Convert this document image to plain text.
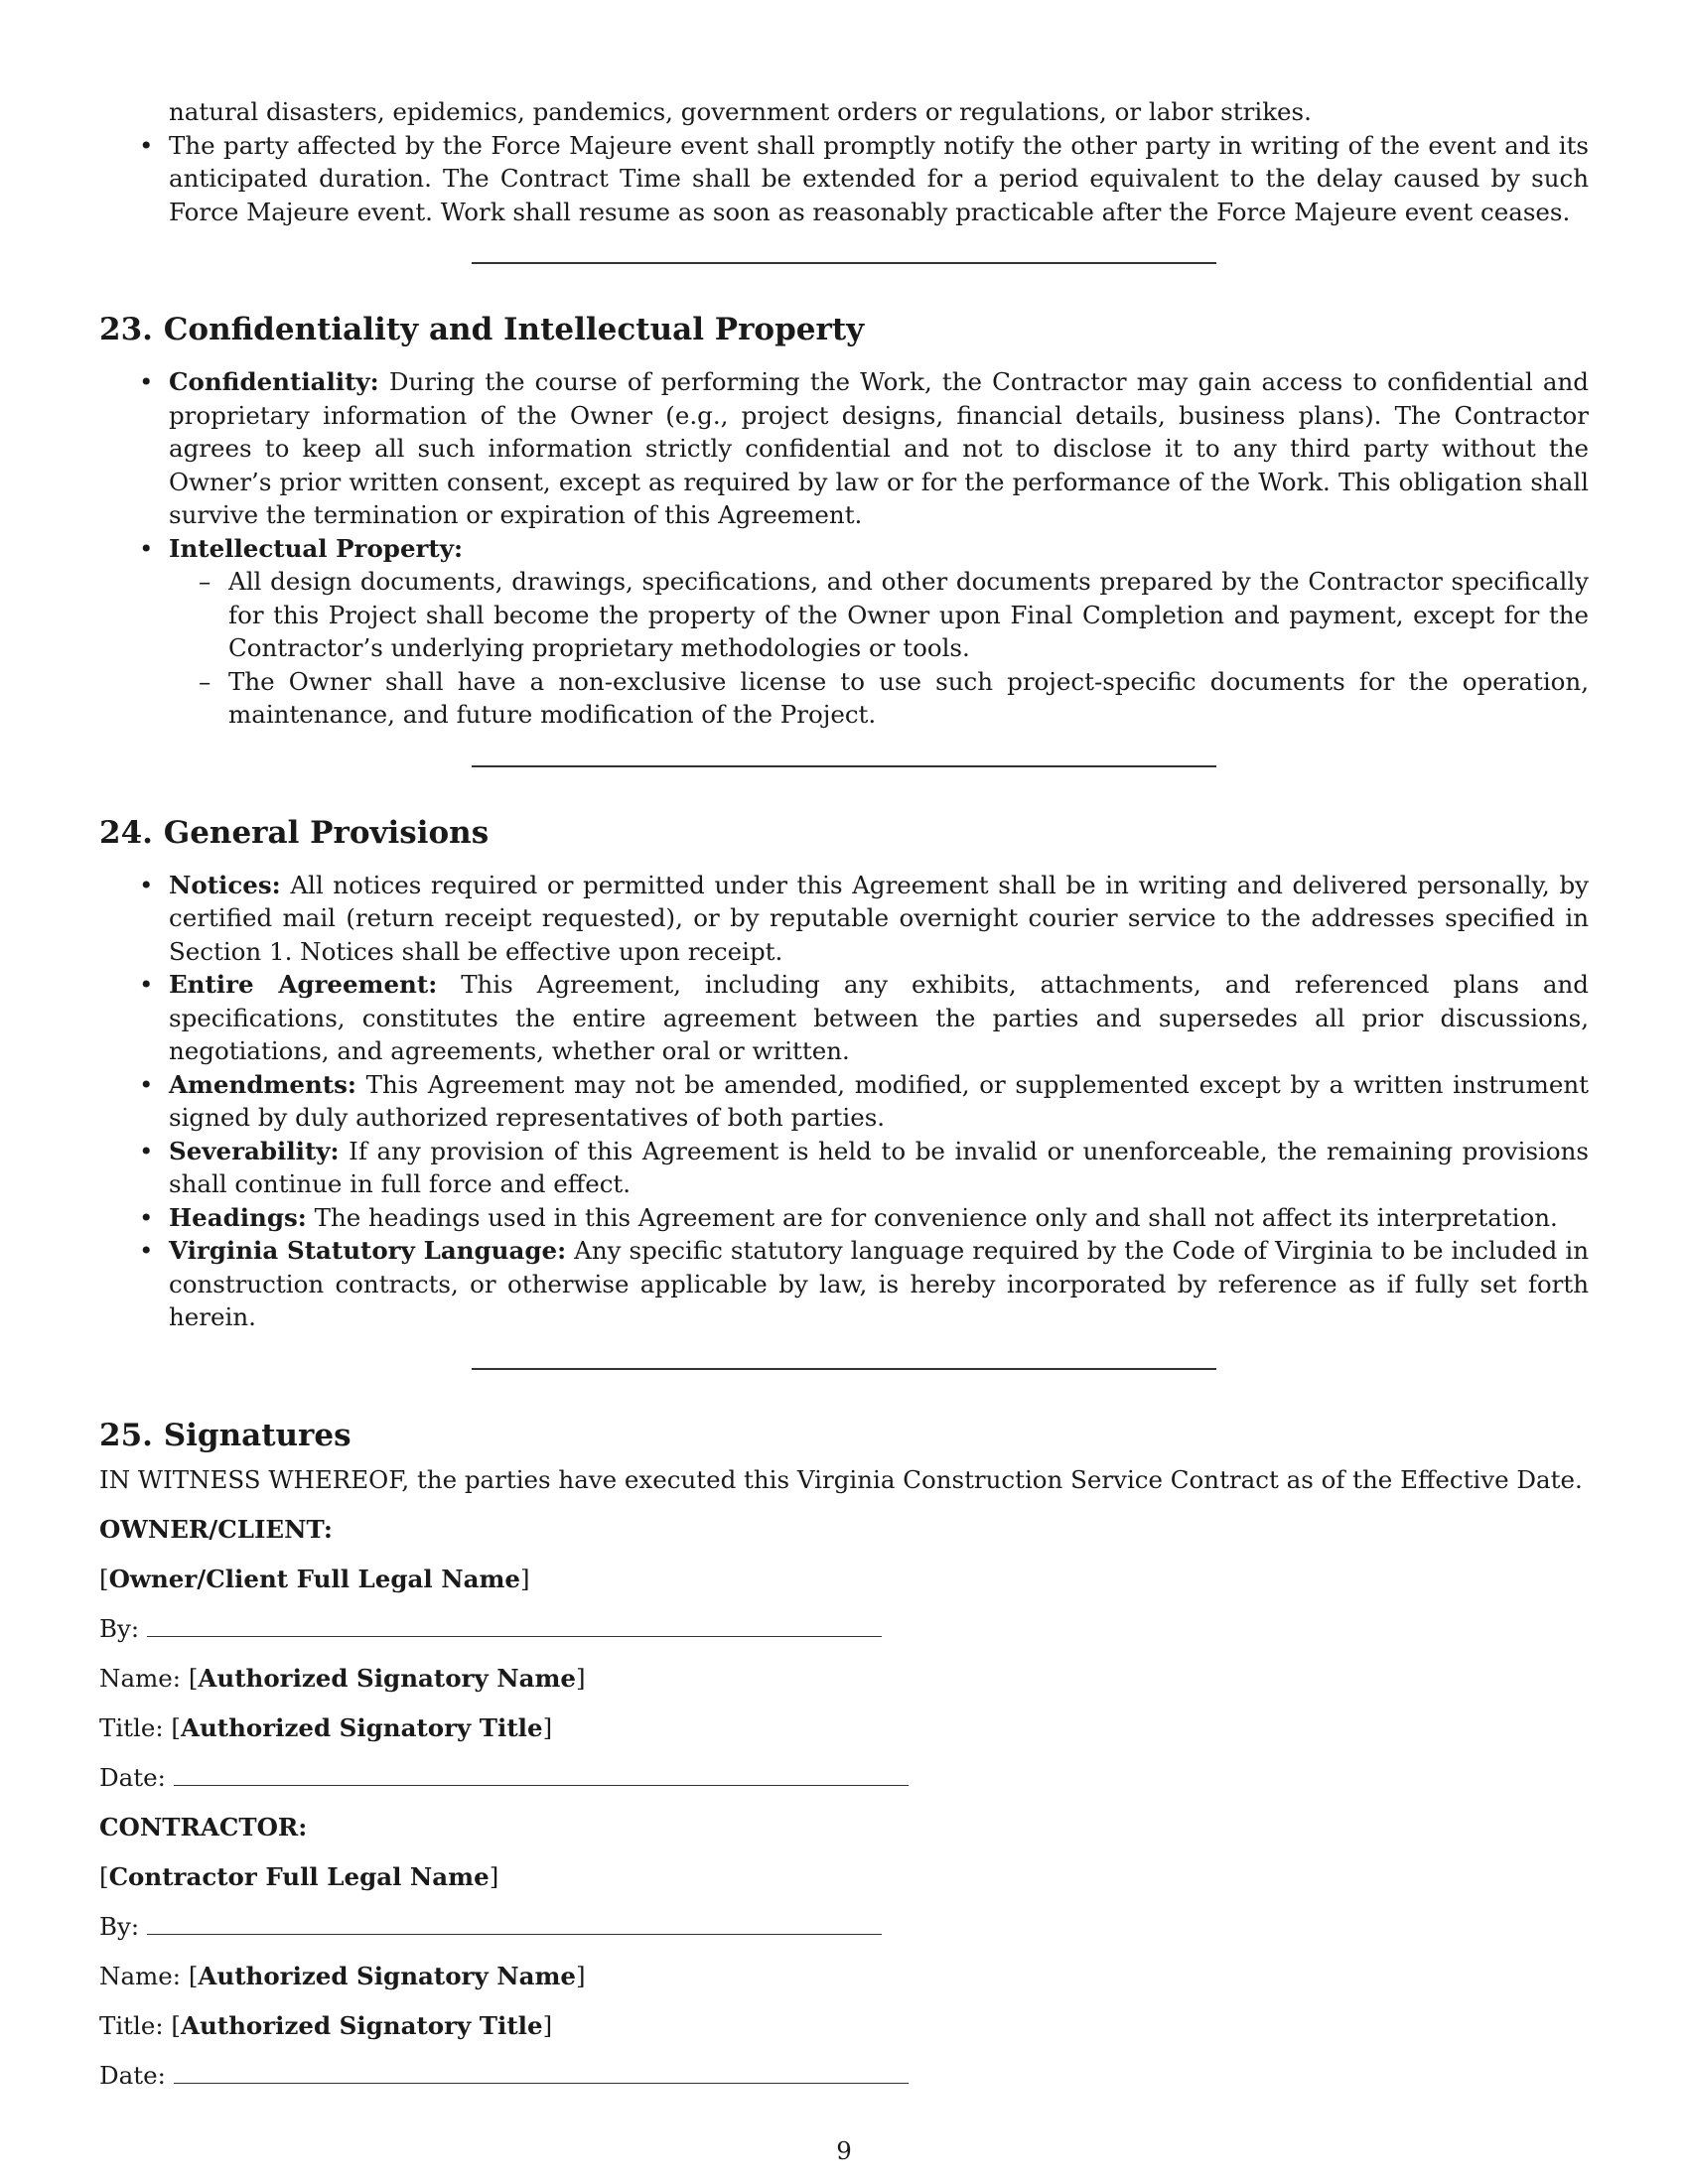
natural disasters, epidemics, pandemics, government orders or regulations, or labor strikes.
• The party affected by the Force Majeure event shall promptly notify the other party in writing of the event and its anticipated duration. The Contract Time shall be extended for a period equivalent to the delay caused by such Force Majeure event. Work shall resume as soon as reasonably practicable after the Force Majeure event ceases.
23. Confidentiality and Intellectual Property
• Confidentiality: During the course of performing the Work, the Contractor may gain access to confidential and proprietary information of the Owner (e.g., project designs, financial details, business plans). The Contractor agrees to keep all such information strictly confidential and not to disclose it to any third party without the Owner’s prior written consent, except as required by law or for the performance of the Work. This obligation shall survive the termination or expiration of this Agreement.
• Intellectual Property:
– All design documents, drawings, specifications, and other documents prepared by the Contractor specifically for this Project shall become the property of the Owner upon Final Completion and payment, except for the Contractor’s underlying proprietary methodologies or tools.
– The Owner shall have a non-exclusive license to use such project-specific documents for the operation, maintenance, and future modification of the Project.
24. General Provisions
• Notices: All notices required or permitted under this Agreement shall be in writing and delivered personally, by certified mail (return receipt requested), or by reputable overnight courier service to the addresses specified in Section 1. Notices shall be effective upon receipt.
• Entire Agreement: This Agreement, including any exhibits, attachments, and referenced plans and specifications, constitutes the entire agreement between the parties and supersedes all prior discussions, negotiations, and agreements, whether oral or written.
• Amendments: This Agreement may not be amended, modified, or supplemented except by a written instrument signed by duly authorized representatives of both parties.
• Severability: If any provision of this Agreement is held to be invalid or unenforceable, the remaining provisions shall continue in full force and effect.
• Headings: The headings used in this Agreement are for convenience only and shall not affect its interpretation.
• Virginia Statutory Language: Any specific statutory language required by the Code of Virginia to be included in construction contracts, or otherwise applicable by law, is hereby incorporated by reference as if fully set forth herein.
25. Signatures

IN WITNESS WHEREOF, the parties have executed this Virginia Construction Service Contract as of the Effective Date.

OWNER/CLIENT:

[Owner/Client Full Legal Name]

By:

Name: [Authorized Signatory Name]

Title: [Authorized Signatory Title]

Date:

CONTRACTOR:

[Contractor Full Legal Name]

By:

Name: [Authorized Signatory Name]

Title: [Authorized Signatory Title]

Date:

9
